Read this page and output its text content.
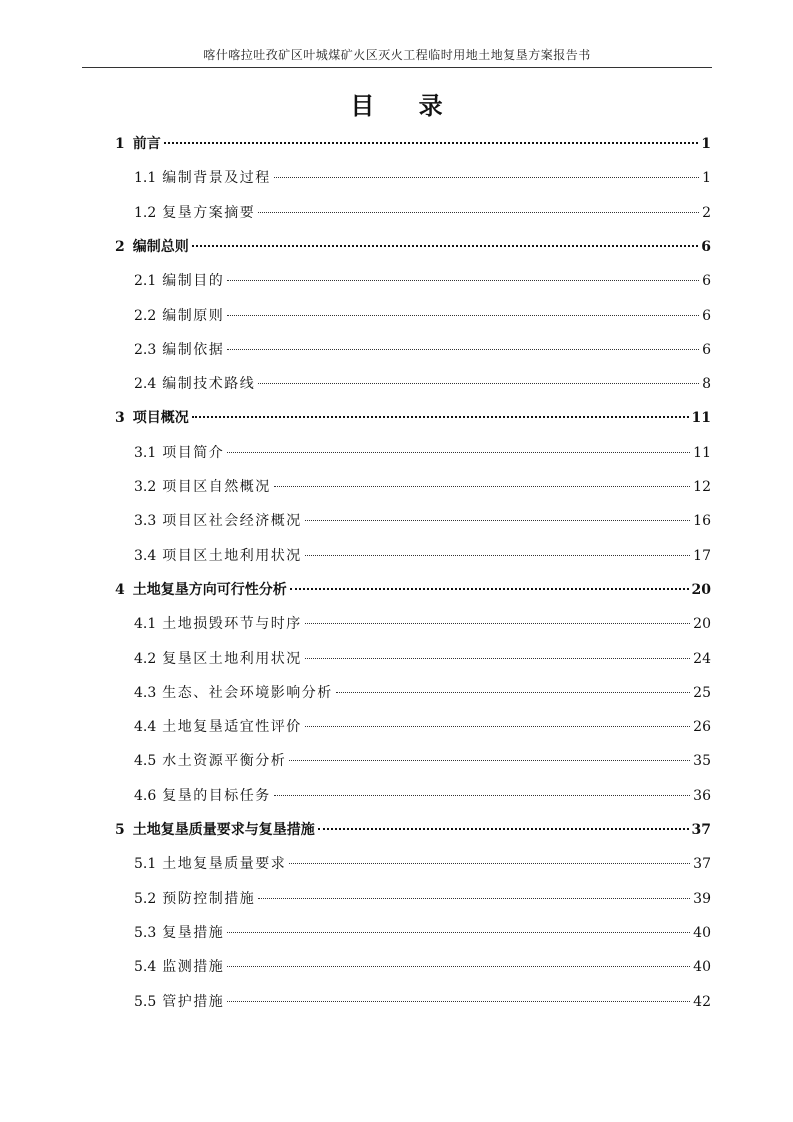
喀什喀拉吐孜矿区叶城煤矿火区灭火工程临时用地土地复垦方案报告书
目 录
1 前言	1
1.1 编制背景及过程	1
1.2 复垦方案摘要	2
2 编制总则	6
2.1 编制目的	6
2.2 编制原则	6
2.3 编制依据	6
2.4 编制技术路线	8
3 项目概况	11
3.1 项目简介	11
3.2 项目区自然概况	12
3.3 项目区社会经济概况	16
3.4 项目区土地利用状况	17
4 土地复垦方向可行性分析	20
4.1 土地损毁环节与时序	20
4.2 复垦区土地利用状况	24
4.3 生态、社会环境影响分析	25
4.4 土地复垦适宜性评价	26
4.5 水土资源平衡分析	35
4.6 复垦的目标任务	36
5 土地复垦质量要求与复垦措施	37
5.1 土地复垦质量要求	37
5.2 预防控制措施	39
5.3 复垦措施	40
5.4 监测措施	40
5.5 管护措施	42
